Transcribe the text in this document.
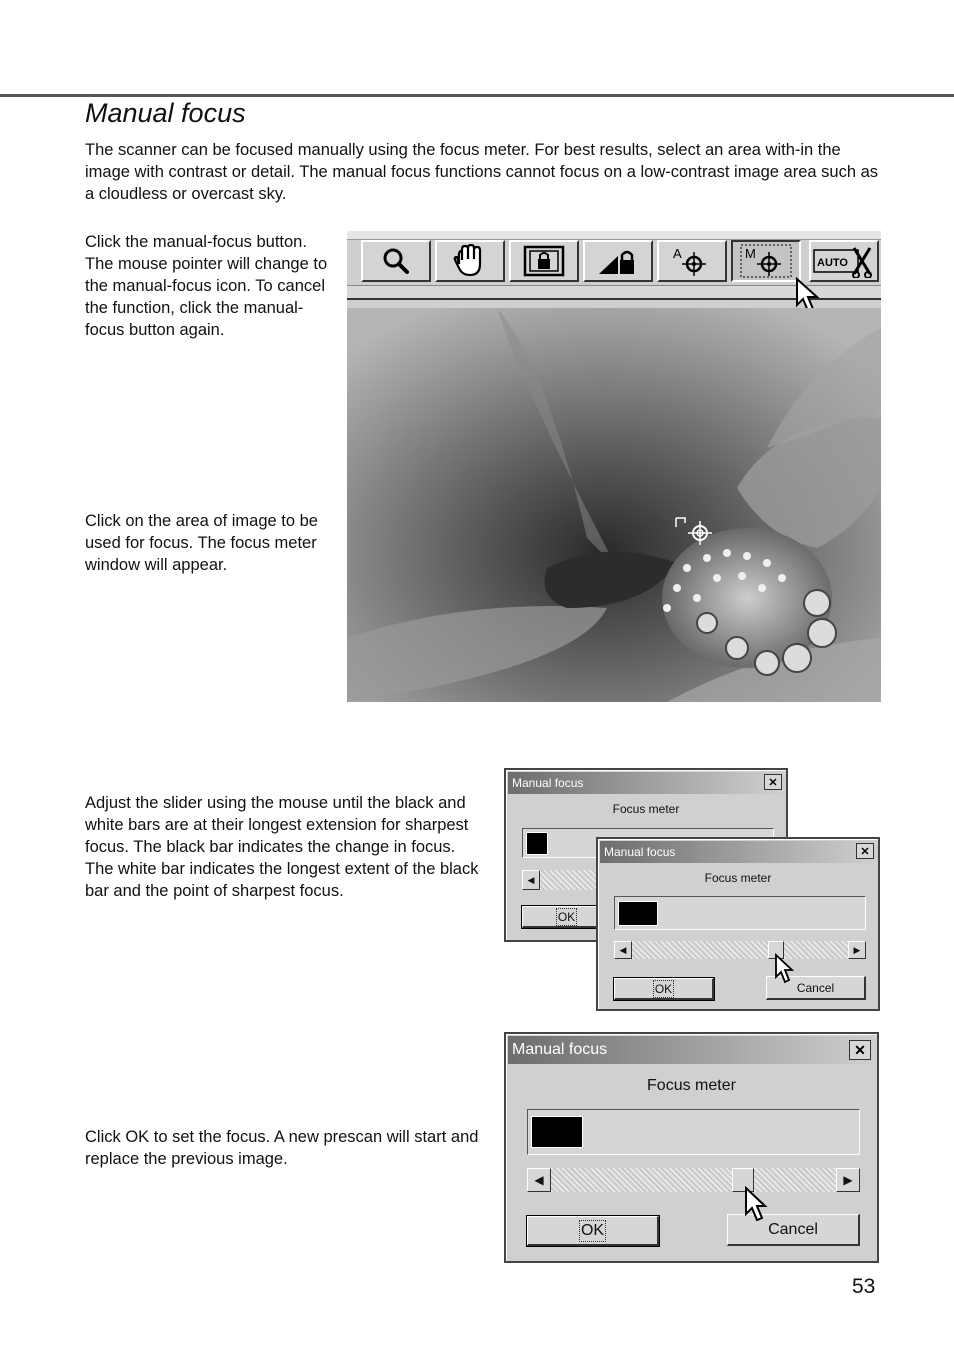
Manual focus

The scanner can be focused manually using the focus meter. For best results, select an area with-in the image with contrast or detail. The manual focus functions cannot focus on a low-contrast image area such as a cloudless or overcast sky.

Click the manual-focus button. The mouse pointer will change to the manual-focus icon. To cancel the function, click the manual-focus button again.

Click on the area of image to be used for focus. The focus meter window will appear.

Adjust the slider using the mouse until the black and white bars are at their longest extension for sharpest focus. The black bar indicates the change in focus. The white bar indicates the longest extent of the black bar and the point of sharpest focus.

Click OK to set the focus. A new prescan will start and replace the previous image.

A	M
AUTO
Manual focus	✕
Focus meter
◀
OK
Manual focus	✕
Focus meter
◀	▶
OK	Cancel
Manual focus	✕
Focus meter
◀	▶
OK	Cancel
53
